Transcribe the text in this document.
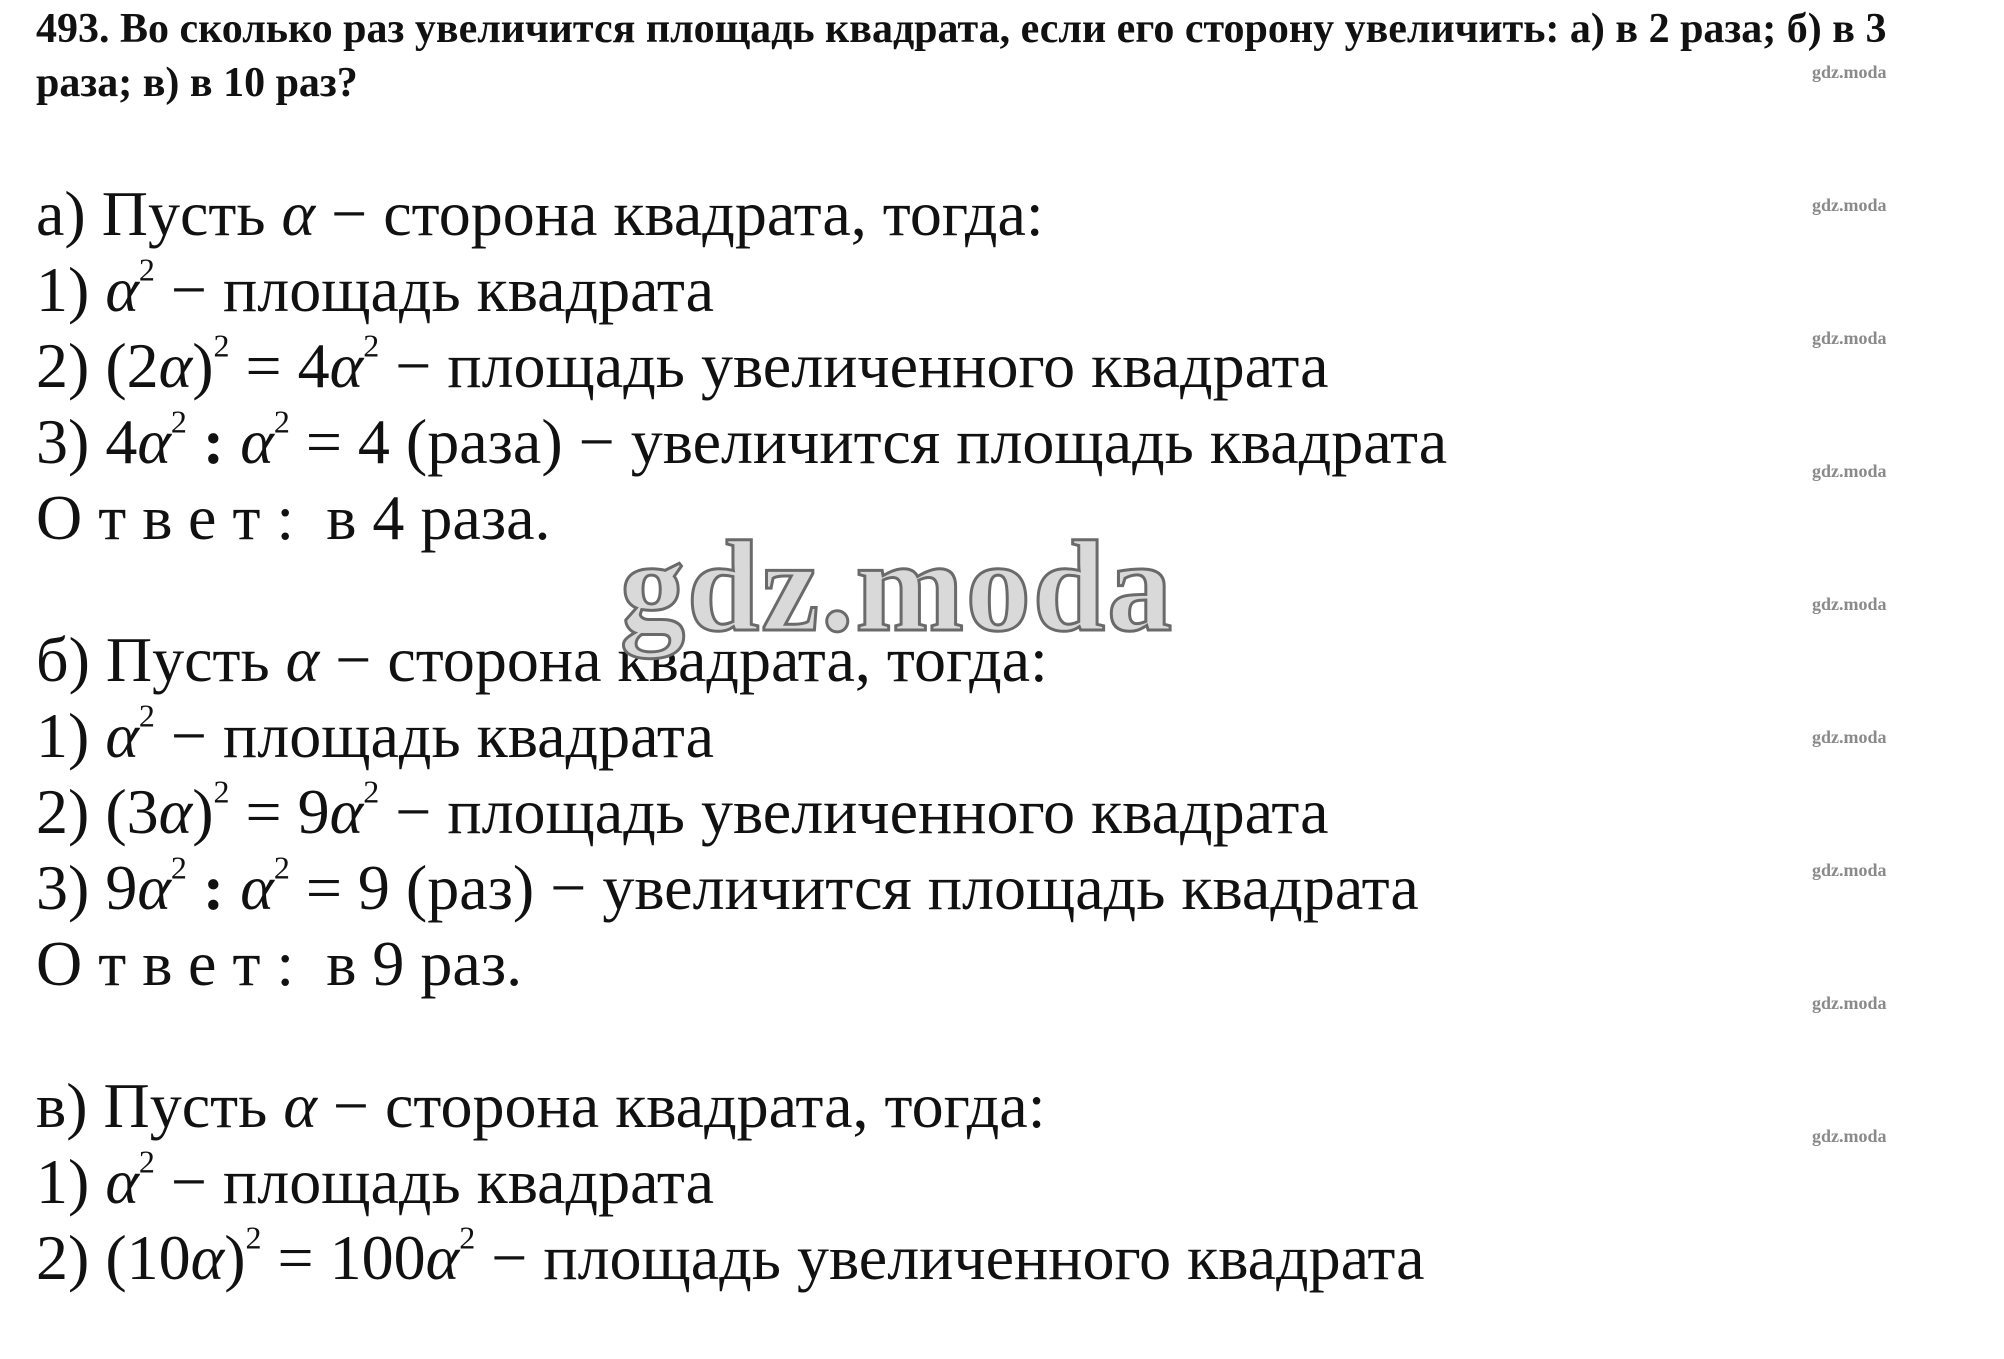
493. Во сколько раз увеличится площадь квадрата, если его сторону увеличить: а) в 2 раза; б) в 3 раза; в) в 10 раз?
а) Пусть α − сторона квадрата, тогда:
1) $\alpha^2$ − площадь квадрата
2) $(2\alpha)^2 = 4\alpha^2$ − площадь увеличенного квадрата
3) $4\alpha^2$ : $\alpha^2 = 4$ (раза) − увеличится площадь квадрата
Ответ: в 4 раза.
б) Пусть α − сторона квадрата, тогда:
1) $\alpha^2$ − площадь квадрата
2) $(3\alpha)^2 = 9\alpha^2$ − площадь увеличенного квадрата
3) $9\alpha^2$ : $\alpha^2 = 9$ (раз) − увеличится площадь квадрата
Ответ: в 9 раз.
в) Пусть α − сторона квадрата, тогда:
1) $\alpha^2$ − площадь квадрата
2) $(10\alpha)^2 = 100\alpha^2$ − площадь увеличенного квадрата
gdz.moda
gdz.moda
gdz.moda
gdz.moda
gdz.moda
gdz.moda
gdz.moda
gdz.moda
gdz.moda
gdz.moda
